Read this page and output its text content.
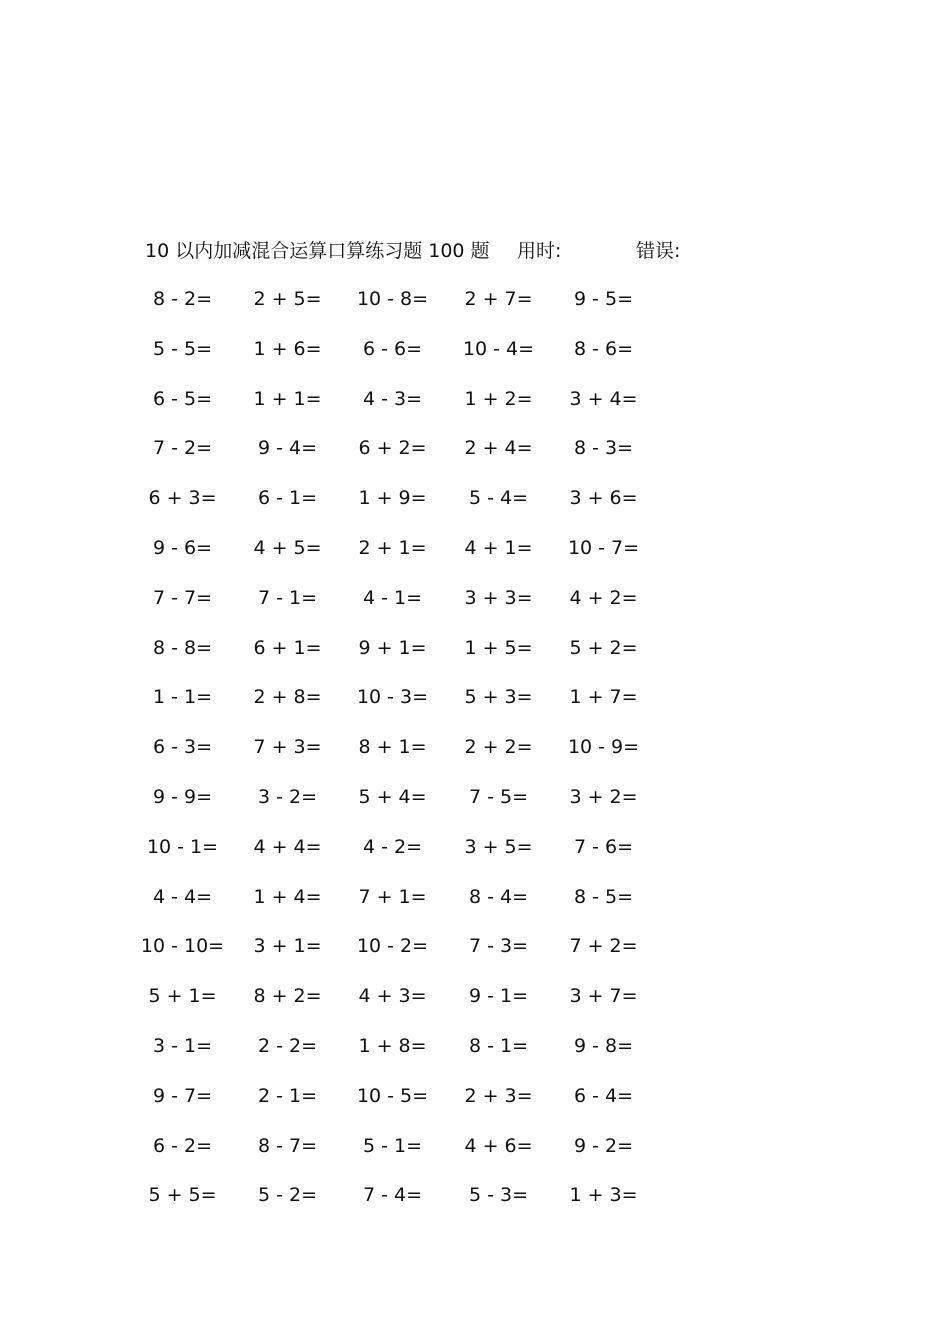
10 以内加减混合运算口算练习题 100 题 用时:	错误:
8 - 2=	2 + 5=	10 - 8=	2 + 7=	9 - 5=
5 - 5=	1 + 6=	6 - 6=	10 - 4=	8 - 6=
6 - 5=	1 + 1=	4 - 3=	1 + 2=	3 + 4=
7 - 2=	9 - 4=	6 + 2=	2 + 4=	8 - 3=
6 + 3=	6 - 1=	1 + 9=	5 - 4=	3 + 6=
9 - 6=	4 + 5=	2 + 1=	4 + 1=	10 - 7=
7 - 7=	7 - 1=	4 - 1=	3 + 3=	4 + 2=
8 - 8=	6 + 1=	9 + 1=	1 + 5=	5 + 2=
1 - 1=	2 + 8=	10 - 3=	5 + 3=	1 + 7=
6 - 3=	7 + 3=	8 + 1=	2 + 2=	10 - 9=
9 - 9=	3 - 2=	5 + 4=	7 - 5=	3 + 2=
10 - 1=	4 + 4=	4 - 2=	3 + 5=	7 - 6=
4 - 4=	1 + 4=	7 + 1=	8 - 4=	8 - 5=
10 - 10=	3 + 1=	10 - 2=	7 - 3=	7 + 2=
5 + 1=	8 + 2=	4 + 3=	9 - 1=	3 + 7=
3 - 1=	2 - 2=	1 + 8=	8 - 1=	9 - 8=
9 - 7=	2 - 1=	10 - 5=	2 + 3=	6 - 4=
6 - 2=	8 - 7=	5 - 1=	4 + 6=	9 - 2=
5 + 5=	5 - 2=	7 - 4=	5 - 3=	1 + 3=
